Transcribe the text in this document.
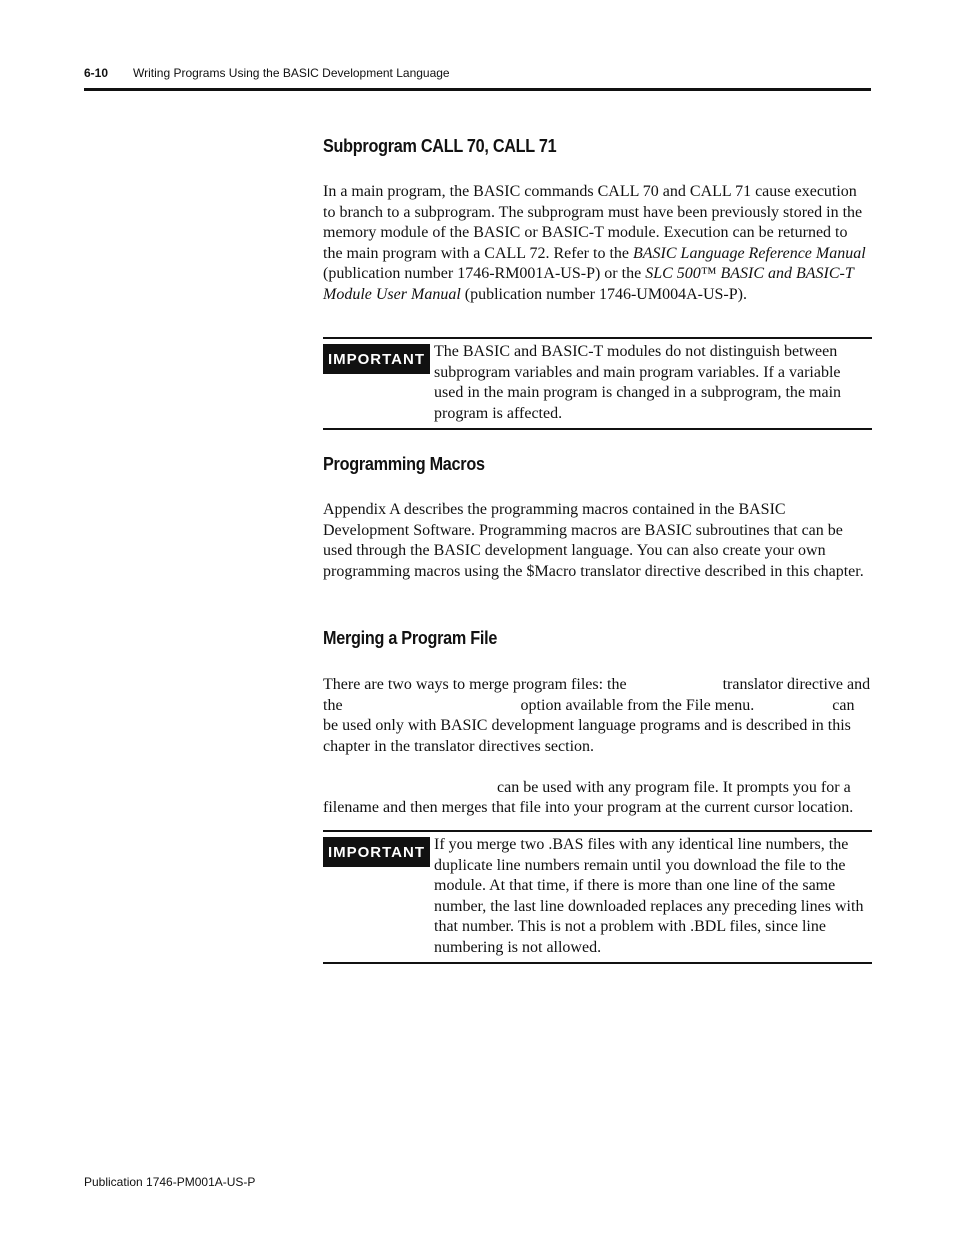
6-10 Writing Programs Using the BASIC Development Language
Subprogram CALL 70, CALL 71

In a main program, the BASIC commands CALL 70 and CALL 71 cause execution to branch to a subprogram. The subprogram must have been previously stored in the memory module of the BASIC or BASIC-T module. Execution can be returned to the main program with a CALL 72. Refer to the BASIC Language Reference Manual (publication number 1746-RM001A-US-P) or the SLC 500™ BASIC and BASIC-T Module User Manual (publication number 1746-UM004A-US-P).

IMPORTANT The BASIC and BASIC-T modules do not distinguish between subprogram variables and main program variables. If a variable used in the main program is changed in a subprogram, the main program is affected.
Programming Macros

Appendix A describes the programming macros contained in the BASIC Development Software. Programming macros are BASIC subroutines that can be used through the BASIC development language. You can also create your own programming macros using the $Macro translator directive described in this chapter.

Merging a Program File

There are two ways to merge program files: the	translator directive and the	option available from the File menu.	can be used only with BASIC development language programs and is described in this chapter in the translator directives section.

can be used with any program file. It prompts you for a filename and then merges that file into your program at the current cursor location.

IMPORTANT If you merge two .BAS files with any identical line numbers, the duplicate line numbers remain until you download the file to the module. At that time, if there is more than one line of the same number, the last line downloaded replaces any preceding lines with that number. This is not a problem with .BDL files, since line numbering is not allowed.
Publication 1746-PM001A-US-P
